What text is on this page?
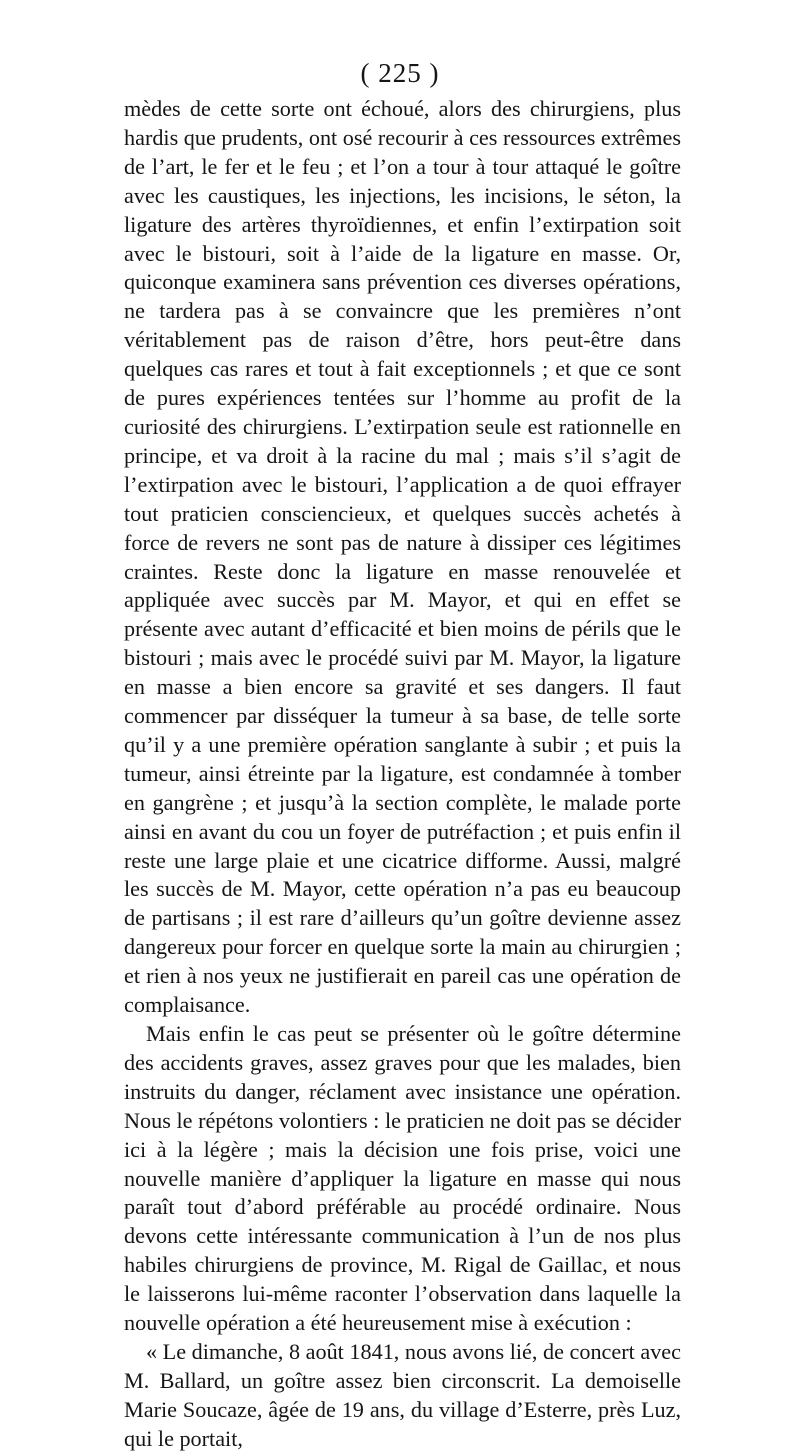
( 225 )

mèdes de cette sorte ont échoué, alors des chirurgiens, plus hardis que prudents, ont osé recourir à ces ressources extrêmes de l’art, le fer et le feu ; et l’on a tour à tour attaqué le goître avec les caustiques, les injections, les incisions, le séton, la ligature des artères thyroïdiennes, et enfin l’extirpation soit avec le bistouri, soit à l’aide de la ligature en masse. Or, quiconque examinera sans prévention ces diverses opérations, ne tardera pas à se convaincre que les premières n’ont véritablement pas de raison d’être, hors peut-être dans quelques cas rares et tout à fait exceptionnels ; et que ce sont de pures expériences tentées sur l’homme au profit de la curiosité des chirurgiens. L’extirpation seule est rationnelle en principe, et va droit à la racine du mal ; mais s’il s’agit de l’extirpation avec le bistouri, l’application a de quoi effrayer tout praticien consciencieux, et quelques succès achetés à force de revers ne sont pas de nature à dissiper ces légitimes craintes. Reste donc la ligature en masse renouvelée et appliquée avec succès par M. Mayor, et qui en effet se présente avec autant d’efficacité et bien moins de périls que le bistouri ; mais avec le procédé suivi par M. Mayor, la ligature en masse a bien encore sa gravité et ses dangers. Il faut commencer par disséquer la tumeur à sa base, de telle sorte qu’il y a une première opération sanglante à subir ; et puis la tumeur, ainsi étreinte par la ligature, est condamnée à tomber en gangrène ; et jusqu’à la section complète, le malade porte ainsi en avant du cou un foyer de putréfaction ; et puis enfin il reste une large plaie et une cicatrice difforme. Aussi, malgré les succès de M. Mayor, cette opération n’a pas eu beaucoup de partisans ; il est rare d’ailleurs qu’un goître devienne assez dangereux pour forcer en quelque sorte la main au chirurgien ; et rien à nos yeux ne justifierait en pareil cas une opération de complaisance.

Mais enfin le cas peut se présenter où le goître détermine des accidents graves, assez graves pour que les malades, bien instruits du danger, réclament avec insistance une opération. Nous le répétons volontiers : le praticien ne doit pas se décider ici à la légère ; mais la décision une fois prise, voici une nouvelle manière d’appliquer la ligature en masse qui nous paraît tout d’abord préférable au procédé ordinaire. Nous devons cette intéressante communication à l’un de nos plus habiles chirurgiens de province, M. Rigal de Gaillac, et nous le laisserons lui-même raconter l’observation dans laquelle la nouvelle opération a été heureusement mise à exécution :

« Le dimanche, 8 août 1841, nous avons lié, de concert avec M. Ballard, un goître assez bien circonscrit. La demoiselle Marie Soucaze, âgée de 19 ans, du village d’Esterre, près Luz, qui le portait,
